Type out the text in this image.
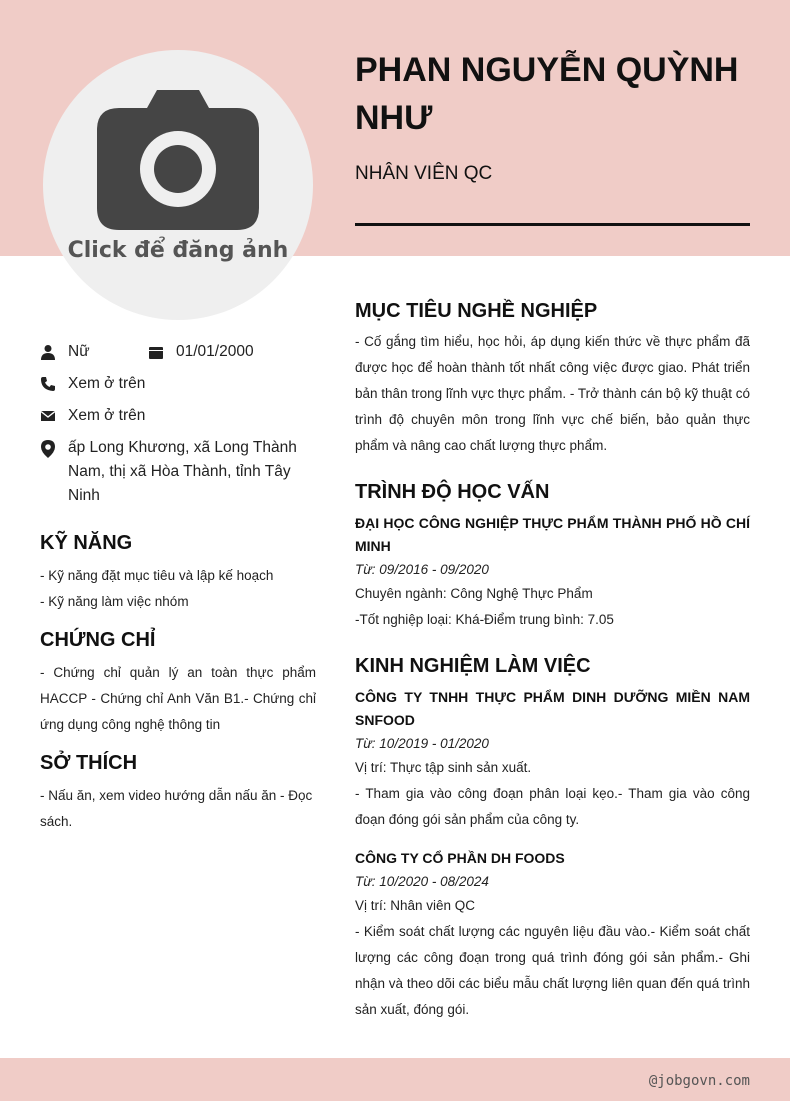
Click để đăng ảnh
PHAN NGUYỄN QUỲNH NHƯ
NHÂN VIÊN QC
Nữ	01/01/2000
Xem ở trên
Xem ở trên
ấp Long Khương, xã Long Thành Nam, thị xã Hòa Thành, tỉnh Tây Ninh
KỸ NĂNG
- Kỹ năng đặt mục tiêu và lập kế hoạch
- Kỹ năng làm việc nhóm
CHỨNG CHỈ
- Chứng chỉ quản lý an toàn thực phẩm HACCP - Chứng chỉ Anh Văn B1.- Chứng chỉ ứng dụng công nghệ thông tin
SỞ THÍCH
- Nấu ăn, xem video hướng dẫn nấu ăn - Đọc sách.
MỤC TIÊU NGHỀ NGHIỆP
- Cố gắng tìm hiểu, học hỏi, áp dụng kiến thức về thực phẩm đã được học để hoàn thành tốt nhất công việc được giao. Phát triển bản thân trong lĩnh vực thực phẩm. - Trở thành cán bộ kỹ thuật có trình độ chuyên môn trong lĩnh vực chế biến, bảo quản thực phẩm và nâng cao chất lượng thực phẩm.
TRÌNH ĐỘ HỌC VẤN
ĐẠI HỌC CÔNG NGHIỆP THỰC PHẨM THÀNH PHỐ HỒ CHÍ MINH
Từ: 09/2016 - 09/2020
Chuyên ngành: Công Nghệ Thực Phẩm
-Tốt nghiệp loại: Khá-Điểm trung bình: 7.05
KINH NGHIỆM LÀM VIỆC
CÔNG TY TNHH THỰC PHẨM DINH DƯỠNG MIỀN NAM SNFOOD
Từ: 10/2019 - 01/2020
Vị trí: Thực tập sinh sản xuất.
- Tham gia vào công đoạn phân loại kẹo.- Tham gia vào công đoạn đóng gói sản phẩm của công ty.
CÔNG TY CỔ PHẦN DH FOODS
Từ: 10/2020 - 08/2024
Vị trí: Nhân viên QC
- Kiểm soát chất lượng các nguyên liệu đầu vào.- Kiểm soát chất lượng các công đoạn trong quá trình đóng gói sản phẩm.- Ghi nhận và theo dõi các biểu mẫu chất lượng liên quan đến quá trình sản xuất, đóng gói.
@jobgovn.com
